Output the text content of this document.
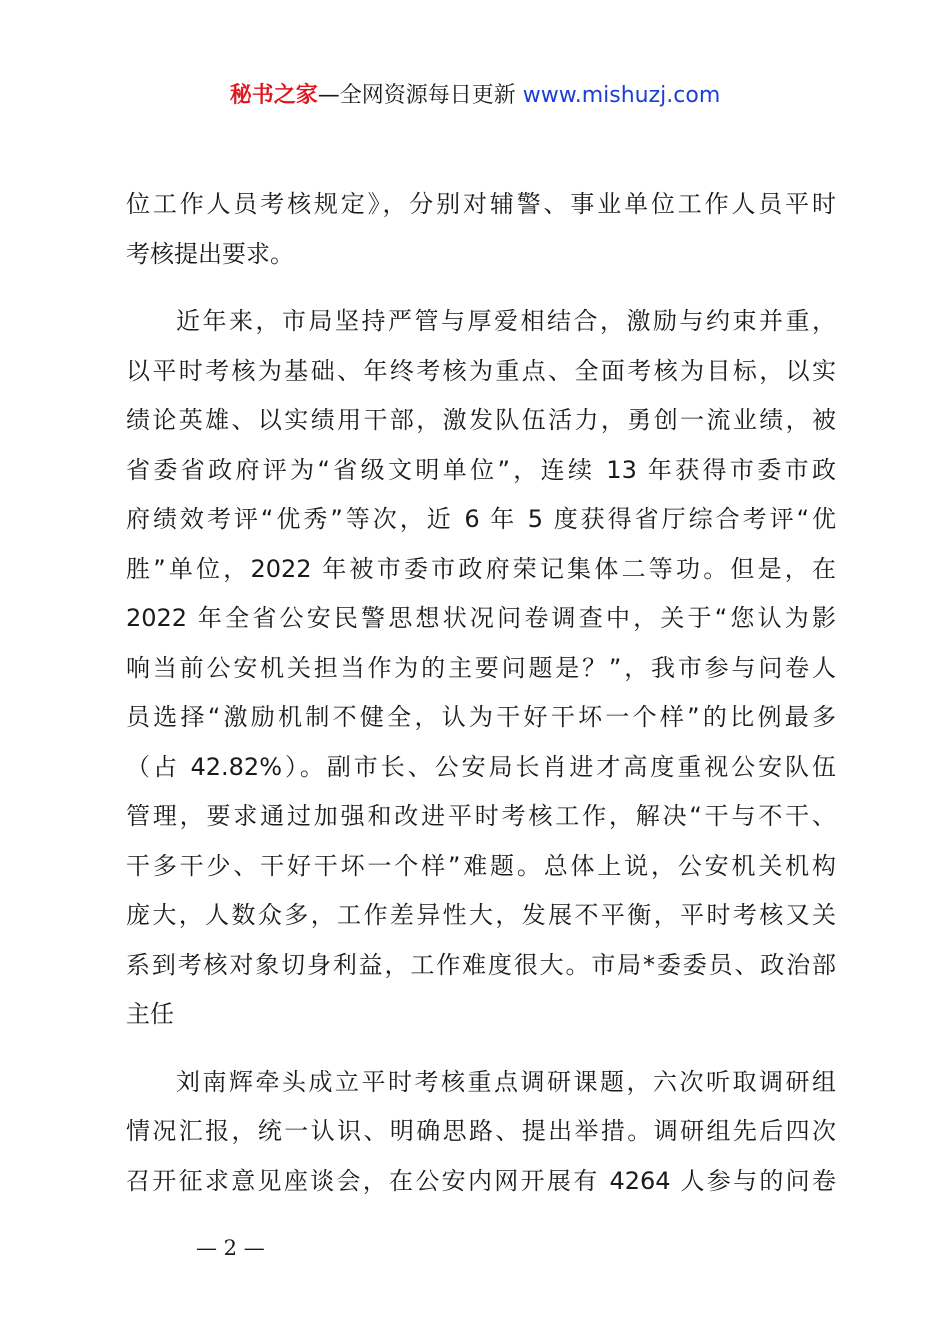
秘书之家—全网资源每日更新 www.mishuzj.com
位工作人员考核规定》，分别对辅警、事业单位工作人员平时
考核提出要求。
近年来，市局坚持严管与厚爱相结合，激励与约束并重，
以平时考核为基础、年终考核为重点、全面考核为目标，以实
绩论英雄、以实绩用干部，激发队伍活力，勇创一流业绩，被
省委省政府评为“省级文明单位”，连续 13 年获得市委市政
府绩效考评“优秀”等次，近 6 年 5 度获得省厅综合考评“优
胜”单位，2022 年被市委市政府荣记集体二等功。但是，在
2022 年全省公安民警思想状况问卷调查中，关于“您认为影
响当前公安机关担当作为的主要问题是？”，我市参与问卷人
员选择“激励机制不健全，认为干好干坏一个样”的比例最多
（占 42.82%）。副市长、公安局长肖进才高度重视公安队伍
管理，要求通过加强和改进平时考核工作，解决“干与不干、
干多干少、干好干坏一个样”难题。总体上说，公安机关机构
庞大，人数众多，工作差异性大，发展不平衡，平时考核又关
系到考核对象切身利益，工作难度很大。市局*委委员、政治部
主任
刘南辉牵头成立平时考核重点调研课题，六次听取调研组
情况汇报，统一认识、明确思路、提出举措。调研组先后四次
召开征求意见座谈会，在公安内网开展有 4264 人参与的问卷
— 2 —
